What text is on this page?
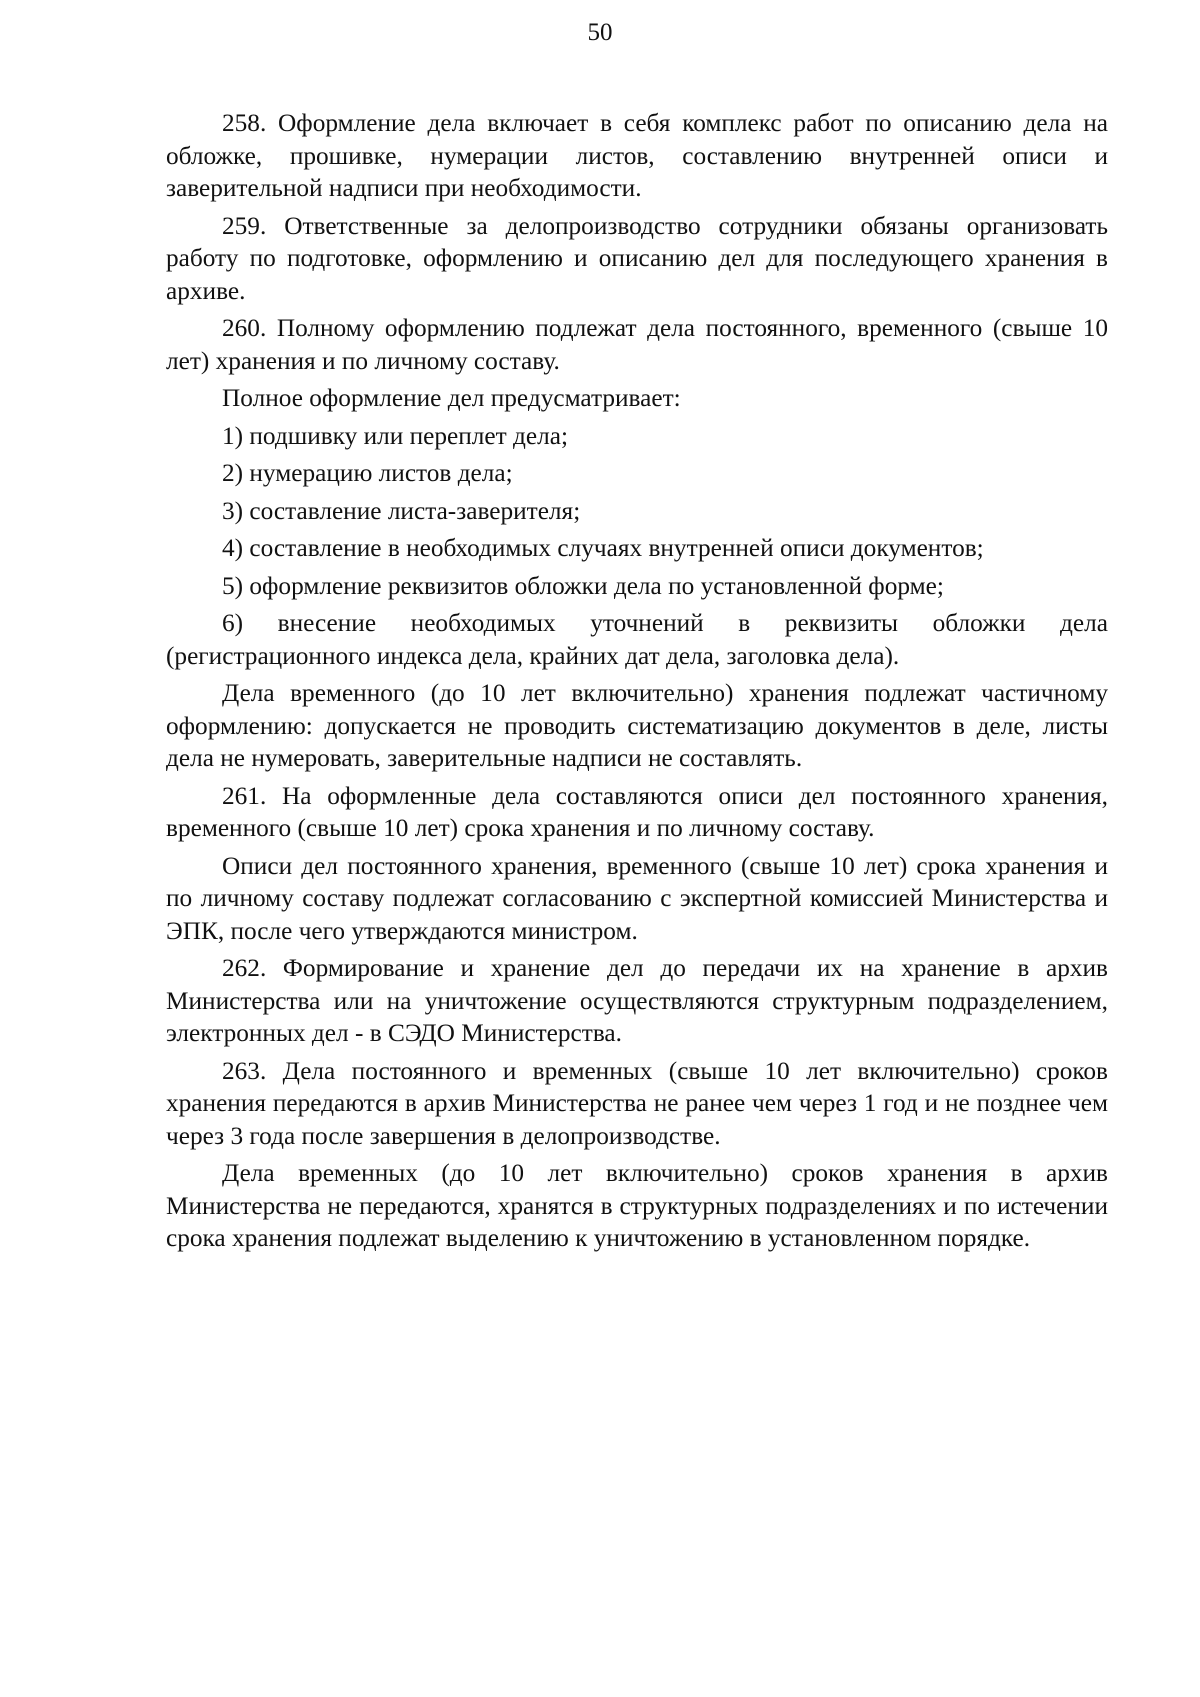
50

258. Оформление дела включает в себя комплекс работ по описанию дела на обложке, прошивке, нумерации листов, составлению внутренней описи и заверительной надписи при необходимости.

259. Ответственные за делопроизводство сотрудники обязаны организовать работу по подготовке, оформлению и описанию дел для последующего хранения в архиве.

260. Полному оформлению подлежат дела постоянного, временного (свыше 10 лет) хранения и по личному составу.

Полное оформление дел предусматривает:

1) подшивку или переплет дела;

2) нумерацию листов дела;

3) составление листа-заверителя;

4) составление в необходимых случаях внутренней описи документов;

5) оформление реквизитов обложки дела по установленной форме;

6) внесение необходимых уточнений в реквизиты обложки дела (регистрационного индекса дела, крайних дат дела, заголовка дела).

Дела временного (до 10 лет включительно) хранения подлежат частичному оформлению: допускается не проводить систематизацию документов в деле, листы дела не нумеровать, заверительные надписи не составлять.

261. На оформленные дела составляются описи дел постоянного хранения, временного (свыше 10 лет) срока хранения и по личному составу.

Описи дел постоянного хранения, временного (свыше 10 лет) срока хранения и по личному составу подлежат согласованию с экспертной комиссией Министерства и ЭПК, после чего утверждаются министром.

262. Формирование и хранение дел до передачи их на хранение в архив Министерства или на уничтожение осуществляются структурным подразделением, электронных дел - в СЭДО Министерства.

263. Дела постоянного и временных (свыше 10 лет включительно) сроков хранения передаются в архив Министерства не ранее чем через 1 год и не позднее чем через 3 года после завершения в делопроизводстве.

Дела временных (до 10 лет включительно) сроков хранения в архив Министерства не передаются, хранятся в структурных подразделениях и по истечении срока хранения подлежат выделению к уничтожению в установленном порядке.
